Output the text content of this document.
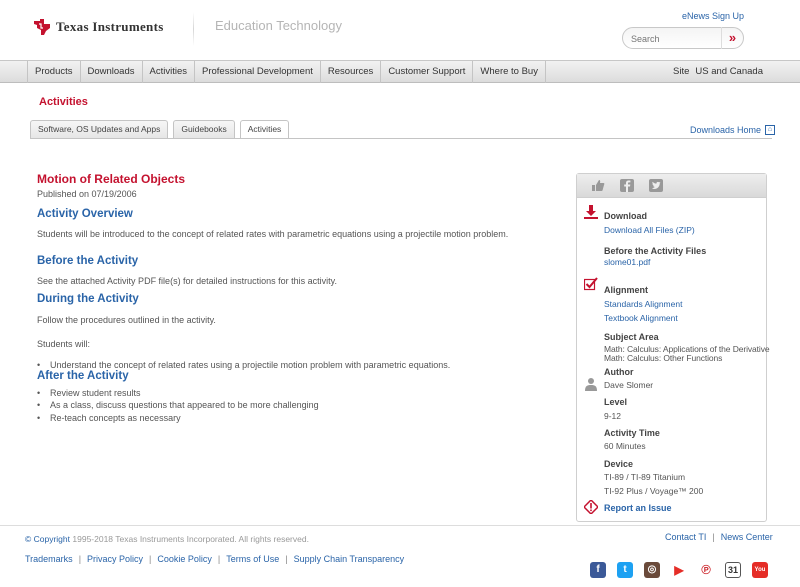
Texas Instruments	Education Technology
eNews Sign Up
Search
»
Products	Downloads	Activities	Professional Development	Resources	Customer Support	Where to Buy	Site US and Canada
Activities
Software, OS Updates and Apps	Guidebooks	Activities	Downloads Home ⌂
Motion of Related Objects
Published on 07/19/2006
Activity Overview
Students will be introduced to the concept of related rates with parametric equations using a projectile motion problem.
Before the Activity
See the attached Activity PDF file(s) for detailed instructions for this activity.
During the Activity
Follow the procedures outlined in the activity.
Students will:
• Understand the concept of related rates using a projectile motion problem with parametric equations.
After the Activity
• Review student results
• As a class, discuss questions that appeared to be more challenging
• Re-teach concepts as necessary
Download
Download All Files (ZIP)
Before the Activity Files
slome01.pdf
Alignment
Standards Alignment
Textbook Alignment
Subject Area
Math: Calculus: Applications of the Derivative
Math: Calculus: Other Functions
Author
Dave Slomer
Level
9-12
Activity Time
60 Minutes
Device
TI-89 / TI-89 Titanium
TI-92 Plus / Voyage™ 200
Report an Issue
© Copyright 1995-2018 Texas Instruments Incorporated. All rights reserved.	Contact TI | News Center
Trademarks | Privacy Policy | Cookie Policy | Terms of Use | Supply Chain Transparency
f	t	◎	▶ ℗	31	You
